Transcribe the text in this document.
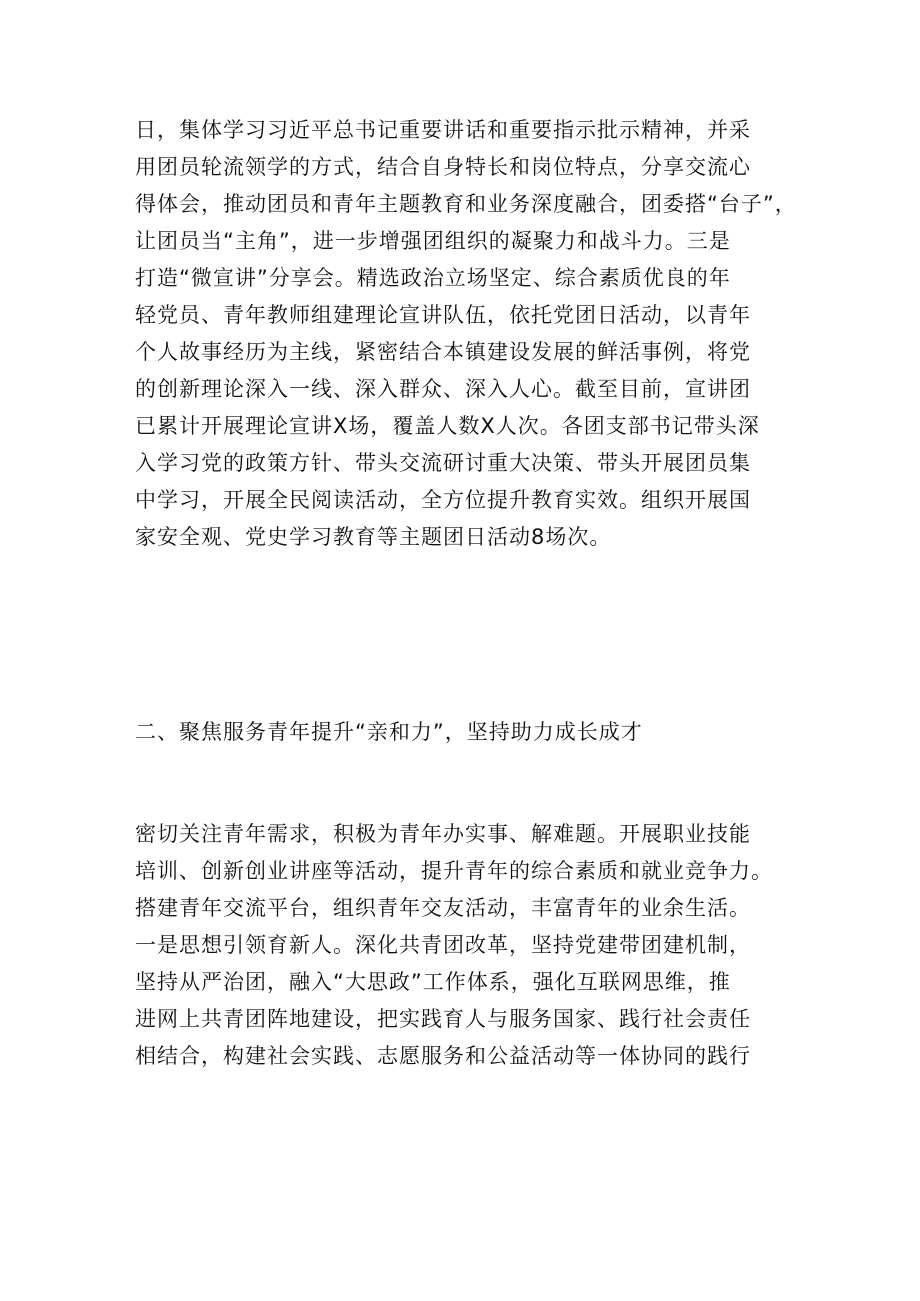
日，集体学习习近平总书记重要讲话和重要指示批示精神，并采
用团员轮流领学的方式，结合自身特长和岗位特点，分享交流心
得体会，推动团员和青年主题教育和业务深度融合，团委搭“台子”，
让团员当“主角”，进一步增强团组织的凝聚力和战斗力。三是
打造“微宣讲”分享会。精选政治立场坚定、综合素质优良的年
轻党员、青年教师组建理论宣讲队伍，依托党团日活动，以青年
个人故事经历为主线，紧密结合本镇建设发展的鲜活事例，将党
的创新理论深入一线、深入群众、深入人心。截至目前，宣讲团
已累计开展理论宣讲X场，覆盖人数X人次。各团支部书记带头深
入学习党的政策方针、带头交流研讨重大决策、带头开展团员集
中学习，开展全民阅读活动，全方位提升教育实效。组织开展国
家安全观、党史学习教育等主题团日活动8场次。
二、聚焦服务青年提升“亲和力”，坚持助力成长成才
密切关注青年需求，积极为青年办实事、解难题。开展职业技能
培训、创新创业讲座等活动，提升青年的综合素质和就业竞争力。
搭建青年交流平台，组织青年交友活动，丰富青年的业余生活。
一是思想引领育新人。深化共青团改革，坚持党建带团建机制，
坚持从严治团，融入“大思政”工作体系，强化互联网思维，推
进网上共青团阵地建设，把实践育人与服务国家、践行社会责任
相结合，构建社会实践、志愿服务和公益活动等一体协同的践行
